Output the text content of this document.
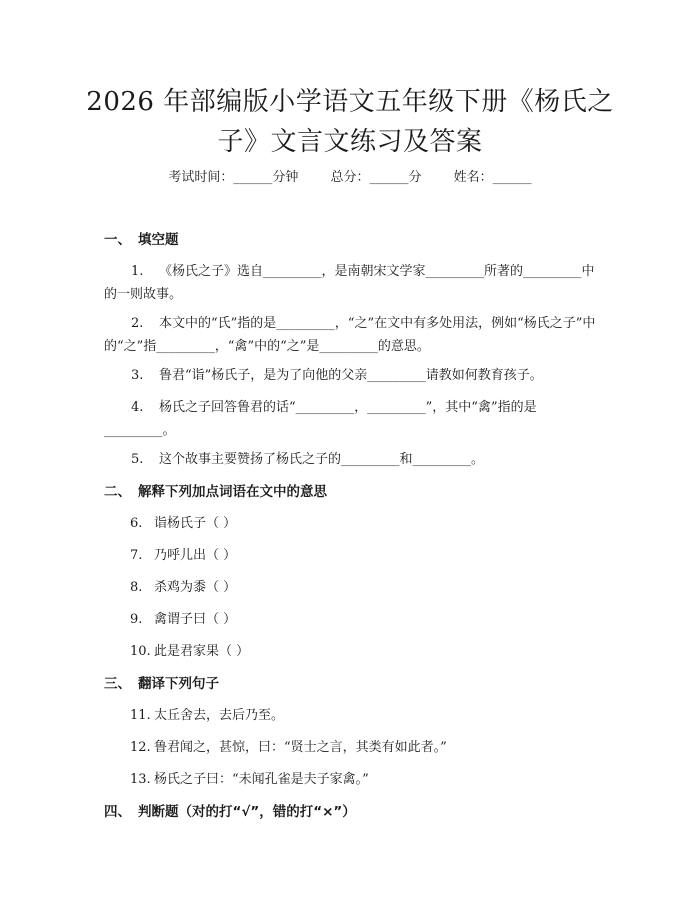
2026 年部编版小学语文五年级下册《杨氏之子》文言文练习及答案
考试时间：______分钟 总分：______分 姓名：______
一、 填空题
1. 《杨氏之子》选自_________，是南朝宋文学家_________所著的_________中的一则故事。
2. 本文中的“氏”指的是_________，“之”在文中有多处用法，例如“杨氏之子”中的“之”指_________，“禽”中的“之”是_________的意思。
3. 鲁君“诣”杨氏子，是为了向他的父亲_________请教如何教育孩子。
4. 杨氏之子回答鲁君的话“_________，_________”，其中“禽”指的是_________。
5. 这个故事主要赞扬了杨氏之子的_________和_________。
二、 解释下列加点词语在文中的意思
6. 诣杨氏子（ ）
7. 乃呼儿出（ ）
8. 杀鸡为黍（ ）
9. 禽谓子曰（ ）
10. 此是君家果（ ）
三、 翻译下列句子
11. 太丘舍去，去后乃至。
12. 鲁君闻之，甚惊，曰：“贤士之言，其类有如此者。”
13. 杨氏之子曰：“未闻孔雀是夫子家禽。”
四、 判断题（对的打“√”，错的打“×”）
